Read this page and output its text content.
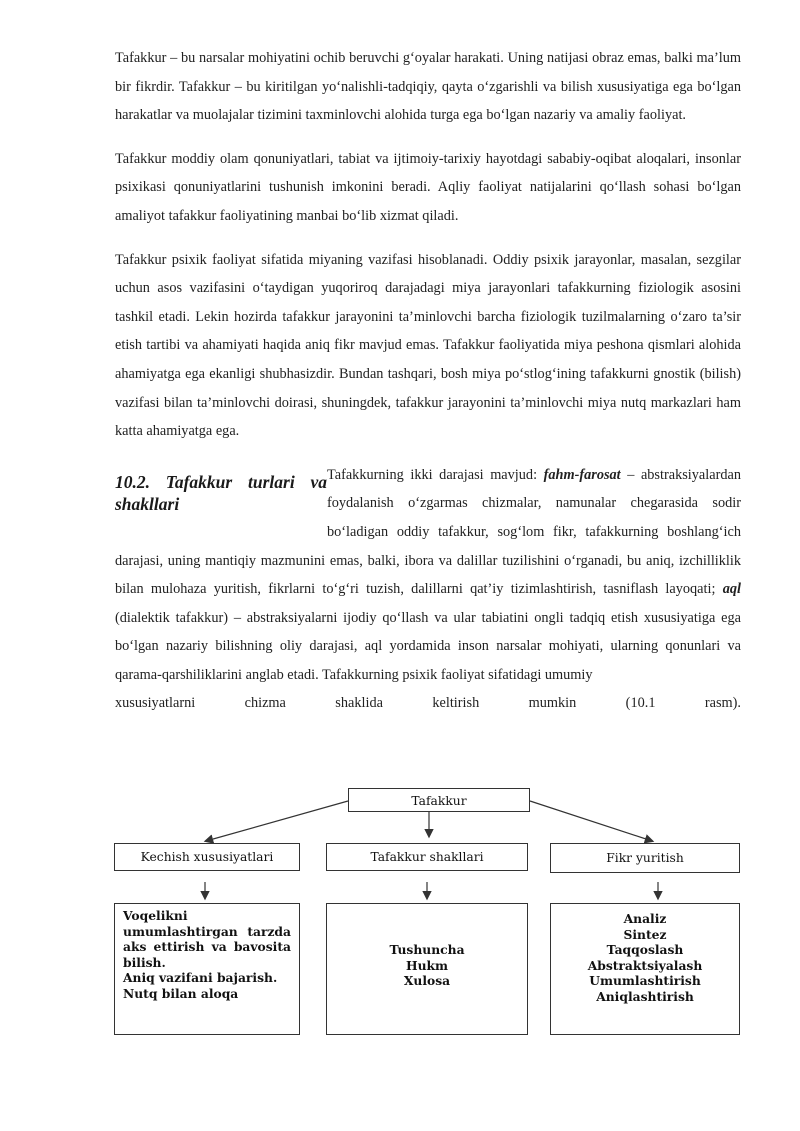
Tafakkur – bu narsalar mohiyatini ochib beruvchi g‘oyalar harakati. Uning natijasi obraz emas, balki ma’lum bir fikrdir. Tafakkur – bu kiritilgan yo‘nalishli-tadqiqiy, qayta o‘zgarishli va bilish xususiyatiga ega bo‘lgan harakatlar va muolajalar tizimini taxminlovchi alohida turga ega bo‘lgan nazariy va amaliy faoliyat.

Tafakkur moddiy olam qonuniyatlari, tabiat va ijtimoiy-tarixiy hayotdagi sababiy-oqibat aloqalari, insonlar psixikasi qonuniyatlarini tushunish imkonini beradi. Aqliy faoliyat natijalarini qo‘llash sohasi bo‘lgan amaliyot tafakkur faoliyatining manbai bo‘lib xizmat qiladi.

Tafakkur psixik faoliyat sifatida miyaning vazifasi hisoblanadi. Oddiy psixik jarayonlar, masalan, sezgilar uchun asos vazifasini o‘taydigan yuqoriroq darajadagi miya jarayonlari tafakkurning fiziologik asosini tashkil etadi. Lekin hozirda tafakkur jarayonini ta’minlovchi barcha fiziologik tuzilmalarning o‘zaro ta’sir etish tartibi va ahamiyati haqida aniq fikr mavjud emas. Tafakkur faoliyatida miya peshona qismlari alohida ahamiyatga ega ekanligi shubhasizdir. Bundan tashqari, bosh miya po‘stlog‘ining tafakkurni gnostik (bilish) vazifasi bilan ta’minlovchi doirasi, shuningdek, tafakkur jarayonini ta’minlovchi miya nutq markazlari ham katta ahamiyatga ega.

10.2. Tafakkur turlari va shakllari
Tafakkurning ikki darajasi mavjud: fahm-farosat – abstraksiyalardan foydalanish o‘zgarmas chizmalar, namunalar chegarasida sodir bo‘ladigan oddiy tafakkur, sog‘lom fikr, tafakkurning boshlang‘ich darajasi, uning mantiqiy mazmunini emas, balki, ibora va dalillar tuzilishini o‘rganadi, bu aniq, izchilliklik bilan mulohaza yuritish, fikrlarni to‘g‘ri tuzish, dalillarni qat’iy tizimlashtirish, tasniflash layoqati; aql (dialektik tafakkur) – abstraksiyalarni ijodiy qo‘llash va ular tabiatini ongli tadqiq etish xususiyatiga ega bo‘lgan nazariy bilishning oliy darajasi, aql yordamida inson narsalar mohiyati, ularning qonunlari va qarama-qarshiliklarini anglab etadi. Tafakkurning psixik faoliyat sifatidagi umumiy
xususiyatlarni chizma shaklida keltirish mumkin (10.1 rasm).
Tafakkur
Kechish xususiyatlari	Tafakkur shakllari	Fikr yuritish
Voqelikni
umumlashtirgan tarzda
aks ettirish va bavosita
bilish.
Aniq vazifani bajarish.
Nutq bilan aloqa
Tushuncha
Hukm
Xulosa
Analiz
Sintez
Taqqoslash
Abstraktsiyalash
Umumlashtirish
Aniqlashtirish
